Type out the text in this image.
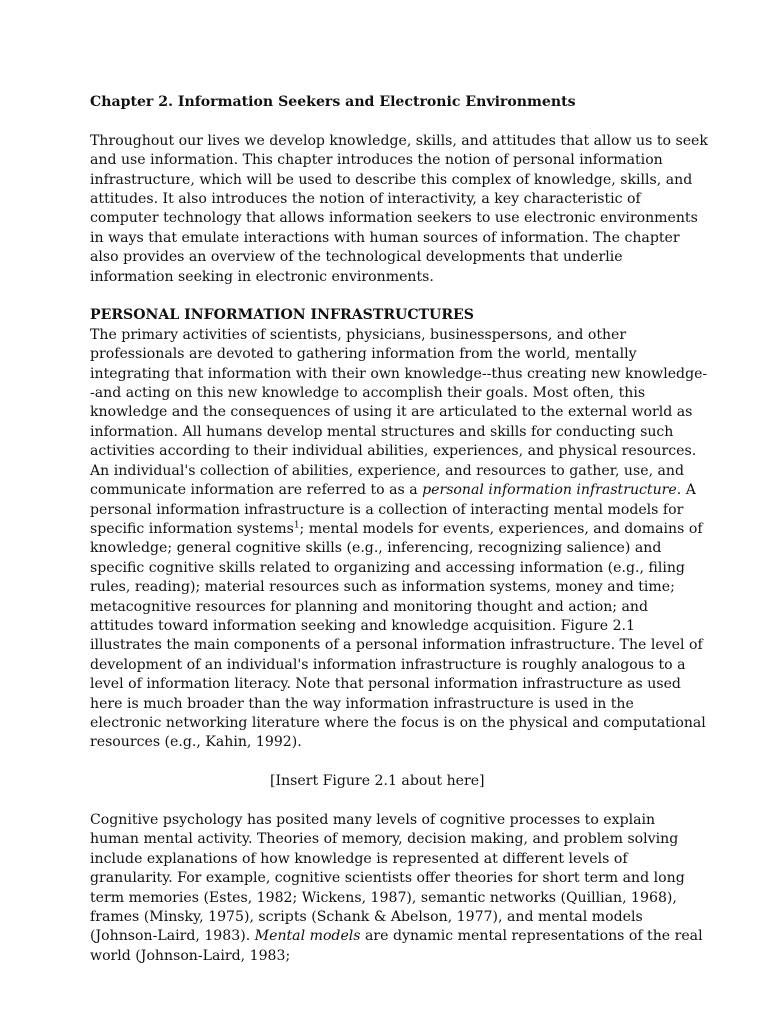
Chapter 2. Information Seekers and Electronic Environments

Throughout our lives we develop knowledge, skills, and attitudes that allow us to seek and use information. This chapter introduces the notion of personal information infrastructure, which will be used to describe this complex of knowledge, skills, and attitudes. It also introduces the notion of interactivity, a key characteristic of computer technology that allows information seekers to use electronic environments in ways that emulate interactions with human sources of information. The chapter also provides an overview of the technological developments that underlie information seeking in electronic environments.

PERSONAL INFORMATION INFRASTRUCTURES

The primary activities of scientists, physicians, businesspersons, and other professionals are devoted to gathering information from the world, mentally integrating that information with their own knowledge--thus creating new knowledge--and acting on this new knowledge to accomplish their goals. Most often, this knowledge and the consequences of using it are articulated to the external world as information. All humans develop mental structures and skills for conducting such activities according to their individual abilities, experiences, and physical resources. An individual's collection of abilities, experience, and resources to gather, use, and communicate information are referred to as a personal information infrastructure. A personal information infrastructure is a collection of interacting mental models for specific information systems$^1$; mental models for events, experiences, and domains of knowledge; general cognitive skills (e.g., inferencing, recognizing salience) and specific cognitive skills related to organizing and accessing information (e.g., filing rules, reading); material resources such as information systems, money and time; metacognitive resources for planning and monitoring thought and action; and attitudes toward information seeking and knowledge acquisition. Figure 2.1 illustrates the main components of a personal information infrastructure. The level of development of an individual's information infrastructure is roughly analogous to a level of information literacy. Note that personal information infrastructure as used here is much broader than the way information infrastructure is used in the electronic networking literature where the focus is on the physical and computational resources (e.g., Kahin, 1992).

[Insert Figure 2.1 about here]

Cognitive psychology has posited many levels of cognitive processes to explain human mental activity. Theories of memory, decision making, and problem solving include explanations of how knowledge is represented at different levels of granularity. For example, cognitive scientists offer theories for short term and long term memories (Estes, 1982; Wickens, 1987), semantic networks (Quillian, 1968), frames (Minsky, 1975), scripts (Schank & Abelson, 1977), and mental models (Johnson-Laird, 1983). Mental models are dynamic mental representations of the real world (Johnson-Laird, 1983;
